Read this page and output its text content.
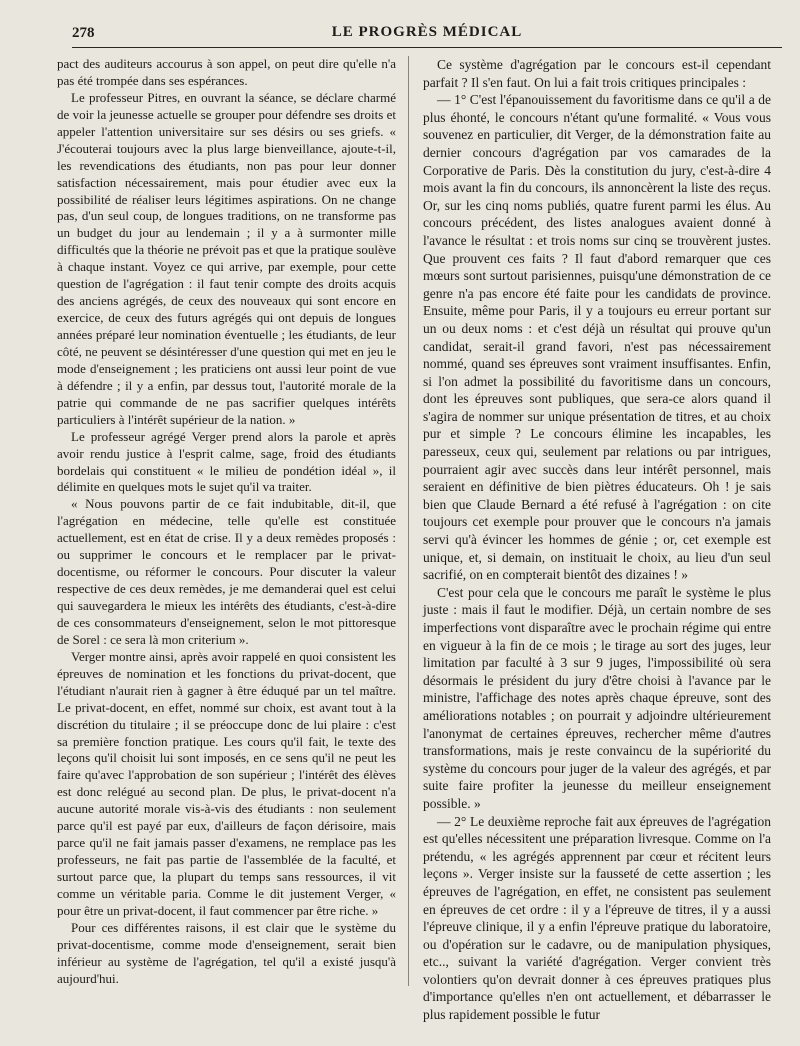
278	LE PROGRÈS MÉDICAL

pact des auditeurs accourus à son appel, on peut dire qu'elle n'a pas été trompée dans ses espérances.

Le professeur Pitres, en ouvrant la séance, se déclare charmé de voir la jeunesse actuelle se grouper pour défendre ses droits et appeler l'attention universitaire sur ses désirs ou ses griefs. « J'écouterai toujours avec la plus large bienveillance, ajoute-t-il, les revendications des étudiants, non pas pour leur donner satisfaction nécessairement, mais pour étudier avec eux la possibilité de réaliser leurs légitimes aspirations. On ne change pas, d'un seul coup, de longues traditions, on ne transforme pas un budget du jour au lendemain ; il y a à surmonter mille difficultés que la théorie ne prévoit pas et que la pratique soulève à chaque instant. Voyez ce qui arrive, par exemple, pour cette question de l'agrégation : il faut tenir compte des droits acquis des anciens agrégés, de ceux des nouveaux qui sont encore en exercice, de ceux des futurs agrégés qui ont depuis de longues années préparé leur nomination éventuelle ; les étudiants, de leur côté, ne peuvent se désintéresser d'une question qui met en jeu le mode d'enseignement ; les praticiens ont aussi leur point de vue à défendre ; il y a enfin, par dessus tout, l'autorité morale de la patrie qui commande de ne pas sacrifier quelques intérêts particuliers à l'intérêt supérieur de la nation. »

Le professeur agrégé Verger prend alors la parole et après avoir rendu justice à l'esprit calme, sage, froid des étudiants bordelais qui constituent « le milieu de pondétion idéal », il délimite en quelques mots le sujet qu'il va traiter.

« Nous pouvons partir de ce fait indubitable, dit-il, que l'agrégation en médecine, telle qu'elle est constituée actuellement, est en état de crise. Il y a deux remèdes proposés : ou supprimer le concours et le remplacer par le privat-docentisme, ou réformer le concours. Pour discuter la valeur respective de ces deux remèdes, je me demanderai quel est celui qui sauvegardera le mieux les intérêts des étudiants, c'est-à-dire de ces consommateurs d'enseignement, selon le mot pittoresque de Sorel : ce sera là mon criterium ».

Verger montre ainsi, après avoir rappelé en quoi consistent les épreuves de nomination et les fonctions du privat-docent, que l'étudiant n'aurait rien à gagner à être éduqué par un tel maître. Le privat-docent, en effet, nommé sur choix, est avant tout à la discrétion du titulaire ; il se préoccupe donc de lui plaire : c'est sa première fonction pratique. Les cours qu'il fait, le texte des leçons qu'il choisit lui sont imposés, en ce sens qu'il ne peut les faire qu'avec l'approbation de son supérieur ; l'intérêt des élèves est donc relégué au second plan. De plus, le privat-docent n'a aucune autorité morale vis-à-vis des étudiants : non seulement parce qu'il est payé par eux, d'ailleurs de façon dérisoire, mais parce qu'il ne fait jamais passer d'examens, ne remplace pas les professeurs, ne fait pas partie de l'assemblée de la faculté, et surtout parce que, la plupart du temps sans ressources, il vit comme un véritable paria. Comme le dit justement Verger, « pour être un privat-docent, il faut commencer par être riche. »

Pour ces différentes raisons, il est clair que le système du privat-docentisme, comme mode d'enseignement, serait bien inférieur au système de l'agrégation, tel qu'il a existé jusqu'à aujourd'hui.

Ce système d'agrégation par le concours est-il cependant parfait ? Il s'en faut. On lui a fait trois critiques principales :

— 1° C'est l'épanouissement du favoritisme dans ce qu'il a de plus éhonté, le concours n'étant qu'une formalité. « Vous vous souvenez en particulier, dit Verger, de la démonstration faite au dernier concours d'agrégation par vos camarades de la Corporative de Paris. Dès la constitution du jury, c'est-à-dire 4 mois avant la fin du concours, ils annoncèrent la liste des reçus. Or, sur les cinq noms publiés, quatre furent parmi les élus. Au concours précédent, des listes analogues avaient donné à l'avance le résultat : et trois noms sur cinq se trouvèrent justes. Que prouvent ces faits ? Il faut d'abord remarquer que ces mœurs sont surtout parisiennes, puisqu'une démonstration de ce genre n'a pas encore été faite pour les candidats de province. Ensuite, même pour Paris, il y a toujours eu erreur portant sur un ou deux noms : et c'est déjà un résultat qui prouve qu'un candidat, serait-il grand favori, n'est pas nécessairement nommé, quand ses épreuves sont vraiment insuffisantes. Enfin, si l'on admet la possibilité du favoritisme dans un concours, dont les épreuves sont publiques, que sera-ce alors quand il s'agira de nommer sur unique présentation de titres, et au choix pur et simple ? Le concours élimine les incapables, les paresseux, ceux qui, seulement par relations ou par intrigues, pourraient agir avec succès dans leur intérêt personnel, mais seraient en définitive de bien piètres éducateurs. Oh ! je sais bien que Claude Bernard a été refusé à l'agrégation : on cite toujours cet exemple pour prouver que le concours n'a jamais servi qu'à évincer les hommes de génie ; or, cet exemple est unique, et, si demain, on instituait le choix, au lieu d'un seul sacrifié, on en compterait bientôt des dizaines ! »

C'est pour cela que le concours me paraît le système le plus juste : mais il faut le modifier. Déjà, un certain nombre de ses imperfections vont disparaître avec le prochain régime qui entre en vigueur à la fin de ce mois ; le tirage au sort des juges, leur limitation par faculté à 3 sur 9 juges, l'impossibilité où sera désormais le président du jury d'être choisi à l'avance par le ministre, l'affichage des notes après chaque épreuve, sont des améliorations notables ; on pourrait y adjoindre ultérieurement l'anonymat de certaines épreuves, rechercher même d'autres transformations, mais je reste convaincu de la supériorité du système du concours pour juger de la valeur des agrégés, et par suite faire profiter la jeunesse du meilleur enseignement possible. »

— 2° Le deuxième reproche fait aux épreuves de l'agrégation est qu'elles nécessitent une préparation livresque. Comme on l'a prétendu, « les agrégés apprennent par cœur et récitent leurs leçons ». Verger insiste sur la fausseté de cette assertion ; les épreuves de l'agrégation, en effet, ne consistent pas seulement en épreuves de cet ordre : il y a l'épreuve de titres, il y a aussi l'épreuve clinique, il y a enfin l'épreuve pratique du laboratoire, ou d'opération sur le cadavre, ou de manipulation physiques, etc.., suivant la variété d'agrégation. Verger convient très volontiers qu'on devrait donner à ces épreuves pratiques plus d'importance qu'elles n'en ont actuellement, et débarrasser le plus rapidement possible le futur
